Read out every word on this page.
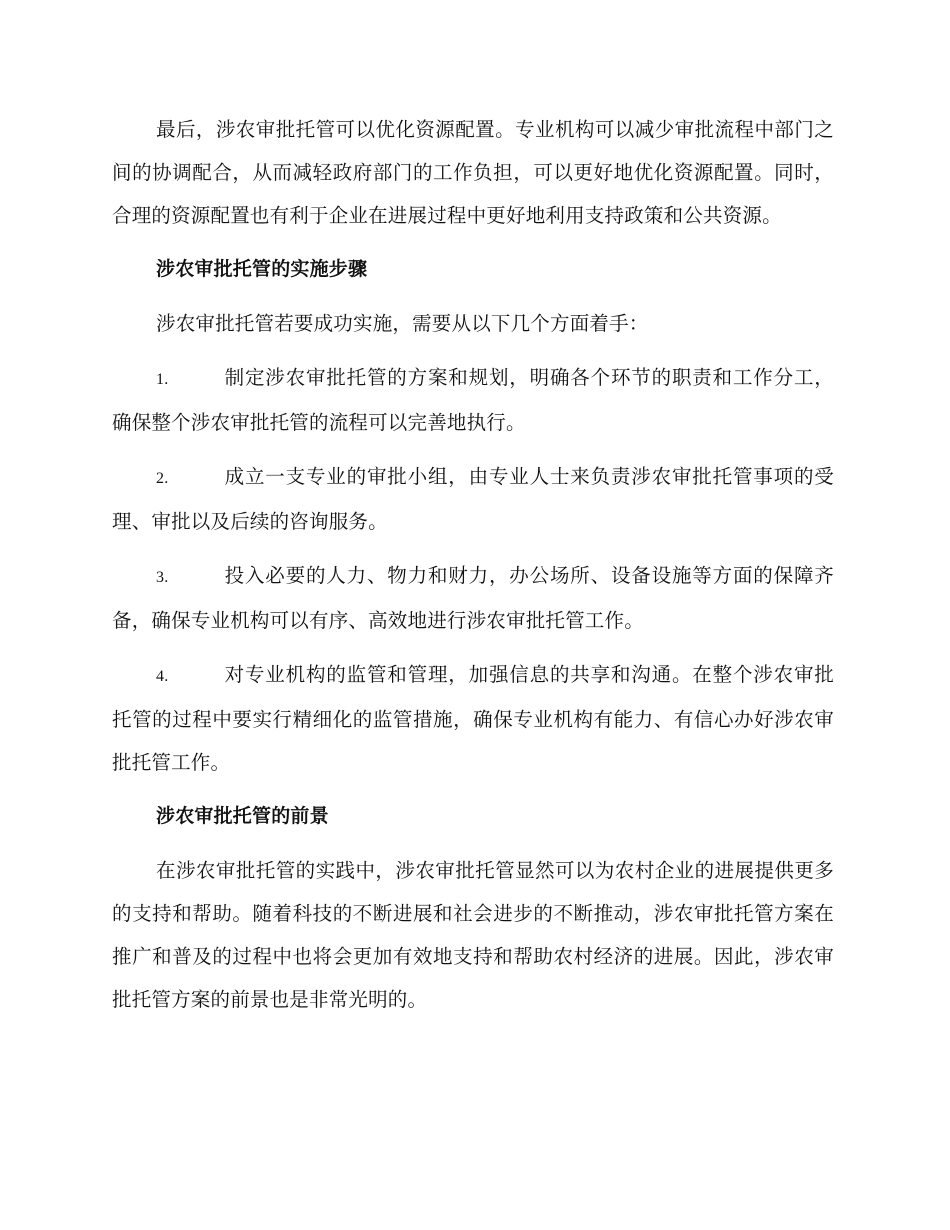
最后，涉农审批托管可以优化资源配置。专业机构可以减少审批流程中部门之间的协调配合，从而减轻政府部门的工作负担，可以更好地优化资源配置。同时，合理的资源配置也有利于企业在进展过程中更好地利用支持政策和公共资源。

涉农审批托管的实施步骤

涉农审批托管若要成功实施，需要从以下几个方面着手：

1.	制定涉农审批托管的方案和规划，明确各个环节的职责和工作分工，确保整个涉农审批托管的流程可以完善地执行。

2.	成立一支专业的审批小组，由专业人士来负责涉农审批托管事项的受理、审批以及后续的咨询服务。

3.	投入必要的人力、物力和财力，办公场所、设备设施等方面的保障齐备，确保专业机构可以有序、高效地进行涉农审批托管工作。

4.	对专业机构的监管和管理，加强信息的共享和沟通。在整个涉农审批托管的过程中要实行精细化的监管措施，确保专业机构有能力、有信心办好涉农审批托管工作。

涉农审批托管的前景

在涉农审批托管的实践中，涉农审批托管显然可以为农村企业的进展提供更多的支持和帮助。随着科技的不断进展和社会进步的不断推动，涉农审批托管方案在推广和普及的过程中也将会更加有效地支持和帮助农村经济的进展。因此，涉农审批托管方案的前景也是非常光明的。
